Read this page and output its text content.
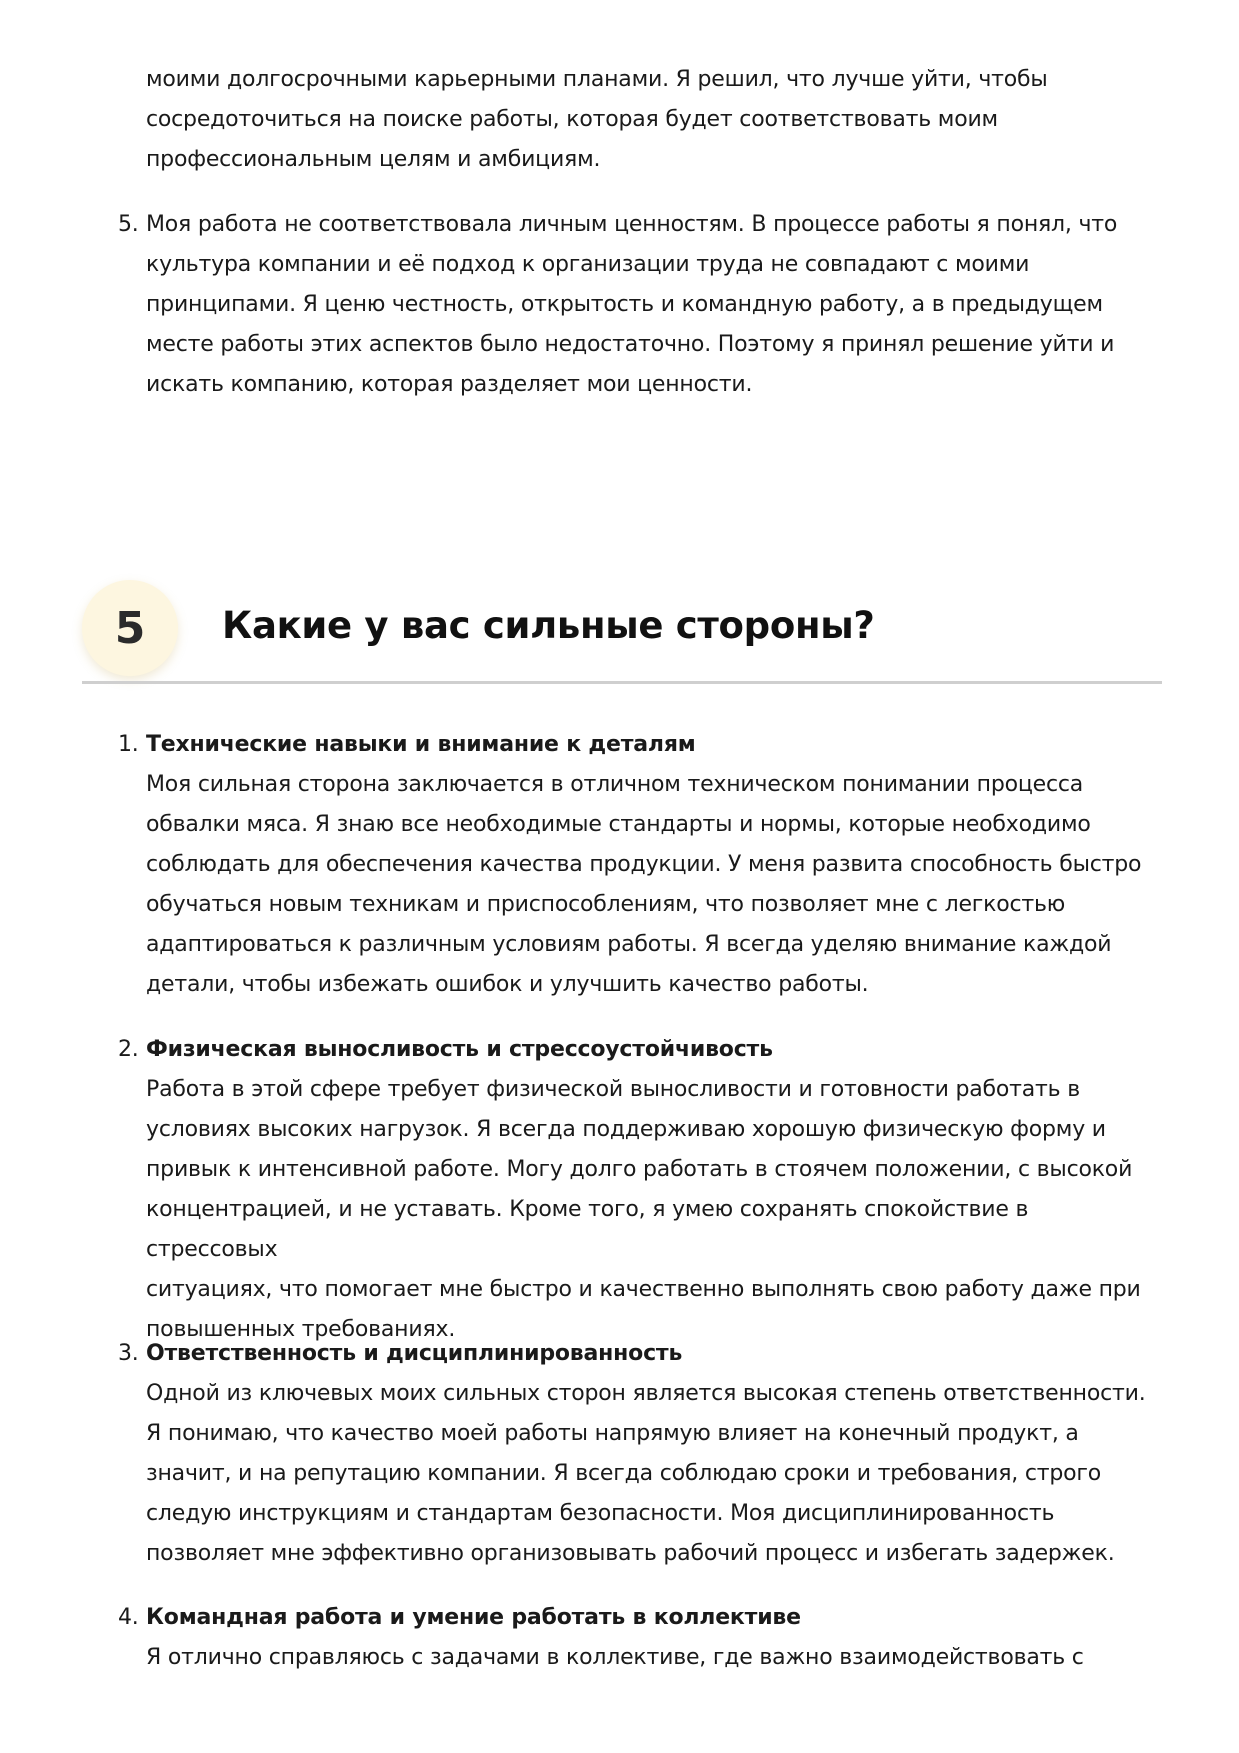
моими долгосрочными карьерными планами. Я решил, что лучше уйти, чтобы
сосредоточиться на поиске работы, которая будет соответствовать моим
профессиональным целям и амбициям.
5. Моя работа не соответствовала личным ценностям. В процессе работы я понял, что
культура компании и её подход к организации труда не совпадают с моими
принципами. Я ценю честность, открытость и командную работу, а в предыдущем
месте работы этих аспектов было недостаточно. Поэтому я принял решение уйти и
искать компанию, которая разделяет мои ценности.
5	Какие у вас сильные стороны?
1. Технические навыки и внимание к деталям
Моя сильная сторона заключается в отличном техническом понимании процесса
обвалки мяса. Я знаю все необходимые стандарты и нормы, которые необходимо
соблюдать для обеспечения качества продукции. У меня развита способность быстро
обучаться новым техникам и приспособлениям, что позволяет мне с легкостью
адаптироваться к различным условиям работы. Я всегда уделяю внимание каждой
детали, чтобы избежать ошибок и улучшить качество работы.
2. Физическая выносливость и стрессоустойчивость
Работа в этой сфере требует физической выносливости и готовности работать в
условиях высоких нагрузок. Я всегда поддерживаю хорошую физическую форму и
привык к интенсивной работе. Могу долго работать в стоячем положении, с высокой
концентрацией, и не уставать. Кроме того, я умею сохранять спокойствие в стрессовых
ситуациях, что помогает мне быстро и качественно выполнять свою работу даже при
повышенных требованиях.
3. Ответственность и дисциплинированность
Одной из ключевых моих сильных сторон является высокая степень ответственности.
Я понимаю, что качество моей работы напрямую влияет на конечный продукт, а
значит, и на репутацию компании. Я всегда соблюдаю сроки и требования, строго
следую инструкциям и стандартам безопасности. Моя дисциплинированность
позволяет мне эффективно организовывать рабочий процесс и избегать задержек.
4. Командная работа и умение работать в коллективе
Я отлично справляюсь с задачами в коллективе, где важно взаимодействовать с
